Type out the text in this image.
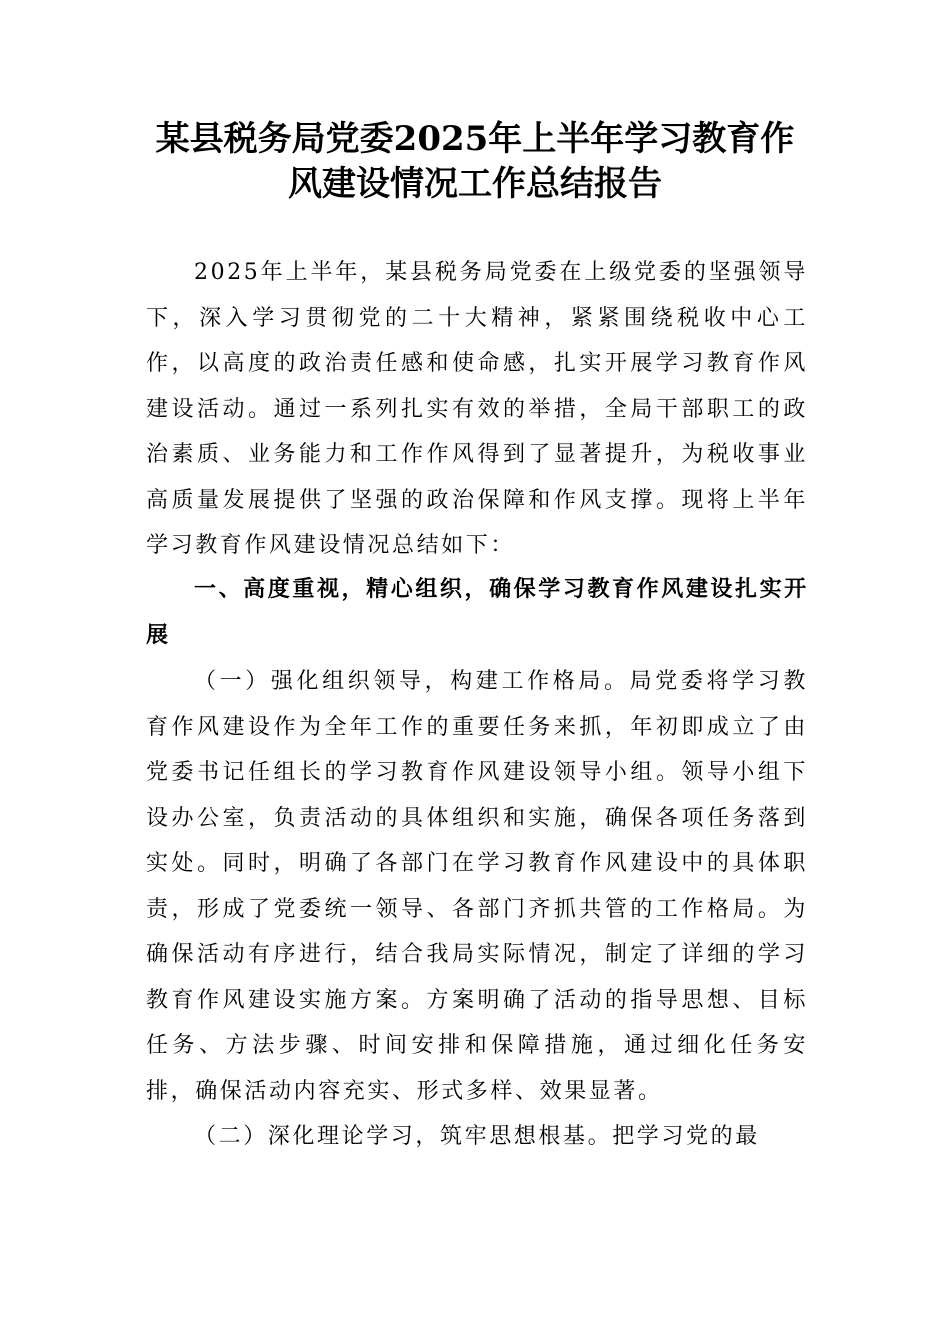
某县税务局党委2025年上半年学习教育作
风建设情况工作总结报告
2025年上半年，某县税务局党委在上级党委的坚强领导下，深入学习贯彻党的二十大精神，紧紧围绕税收中心工作，以高度的政治责任感和使命感，扎实开展学习教育作风建设活动。通过一系列扎实有效的举措，全局干部职工的政治素质、业务能力和工作作风得到了显著提升，为税收事业高质量发展提供了坚强的政治保障和作风支撑。现将上半年学习教育作风建设情况总结如下：
一、高度重视，精心组织，确保学习教育作风建设扎实开展
（一）强化组织领导，构建工作格局。局党委将学习教育作风建设作为全年工作的重要任务来抓，年初即成立了由党委书记任组长的学习教育作风建设领导小组。领导小组下设办公室，负责活动的具体组织和实施，确保各项任务落到实处。同时，明确了各部门在学习教育作风建设中的具体职责，形成了党委统一领导、各部门齐抓共管的工作格局。为确保活动有序进行，结合我局实际情况，制定了详细的学习教育作风建设实施方案。方案明确了活动的指导思想、目标任务、方法步骤、时间安排和保障措施，通过细化任务安排，确保活动内容充实、形式多样、效果显著。
（二）深化理论学习，筑牢思想根基。把学习党的最
